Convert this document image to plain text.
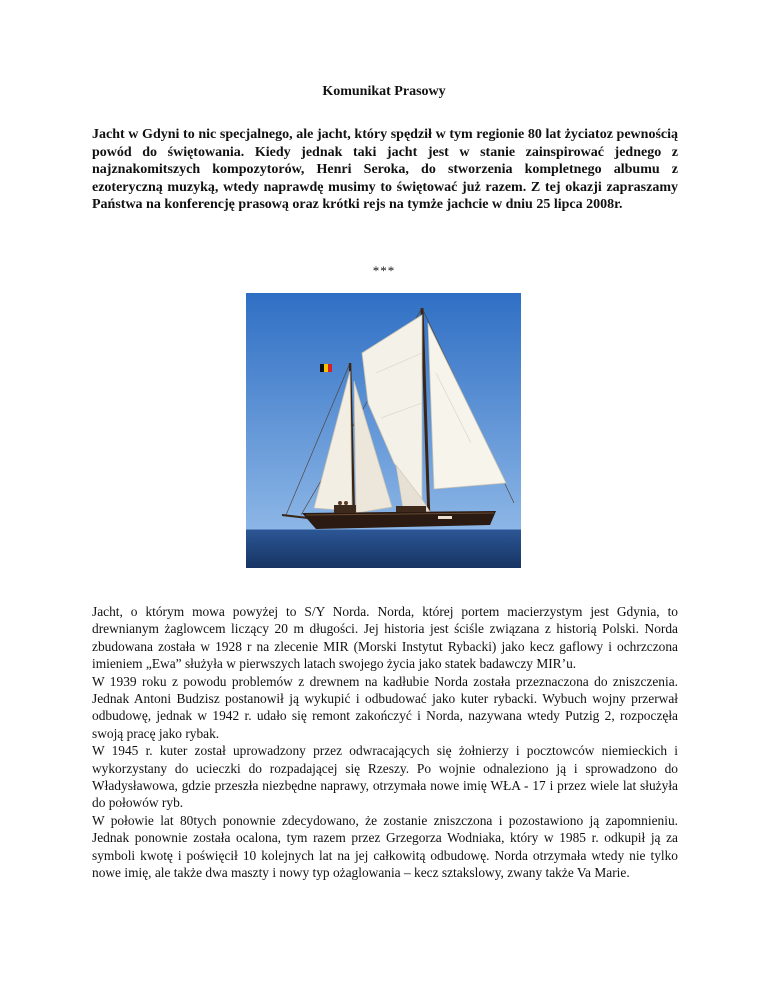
Komunikat Prasowy
Jacht w Gdyni to nic specjalnego, ale jacht, który spędził w tym regionie 80 lat życiatoz pewnością powód do świętowania. Kiedy jednak taki jacht jest w stanie zainspirować jednego z najznakomitszych kompozytorów, Henri Seroka, do stworzenia kompletnego albumu z ezoteryczną muzyką, wtedy naprawdę musimy to świętować już razem. Z tej okazji zapraszamy Państwa na konferencję prasową oraz krótki rejs na tymże jachcie w dniu 25 lipca 2008r.
***

Jacht, o którym mowa powyżej to S/Y Norda. Norda, której portem macierzystym jest Gdynia, to drewnianym żaglowcem liczący 20 m długości. Jej historia jest ściśle związana z historią Polski. Norda zbudowana została w 1928 r na zlecenie MIR (Morski Instytut Rybacki) jako kecz gaflowy i ochrzczona imieniem „Ewa” służyła w pierwszych latach swojego życia jako statek badawczy MIR’u.

W 1939 roku z powodu problemów z drewnem na kadłubie Norda została przeznaczona do zniszczenia. Jednak Antoni Budzisz postanowił ją wykupić i odbudować jako kuter rybacki. Wybuch wojny przerwał odbudowę, jednak w 1942 r. udało się remont zakończyć i Norda, nazywana wtedy Putzig 2, rozpoczęła swoją pracę jako rybak.

W 1945 r. kuter został uprowadzony przez odwracających się żołnierzy i pocztowców niemieckich i wykorzystany do ucieczki do rozpadającej się Rzeszy. Po wojnie odnaleziono ją i sprowadzono do Władysławowa, gdzie przeszła niezbędne naprawy, otrzymała nowe imię WŁA - 17 i przez wiele lat służyła do połowów ryb.

W połowie lat 80tych ponownie zdecydowano, że zostanie zniszczona i pozostawiono ją zapomnieniu. Jednak ponownie została ocalona, tym razem przez Grzegorza Wodniaka, który w 1985 r. odkupił ją za symboli kwotę i poświęcił 10 kolejnych lat na jej całkowitą odbudowę. Norda otrzymała wtedy nie tylko nowe imię, ale także dwa maszty i nowy typ ożaglowania – kecz sztakslowy, zwany także Va Marie.
